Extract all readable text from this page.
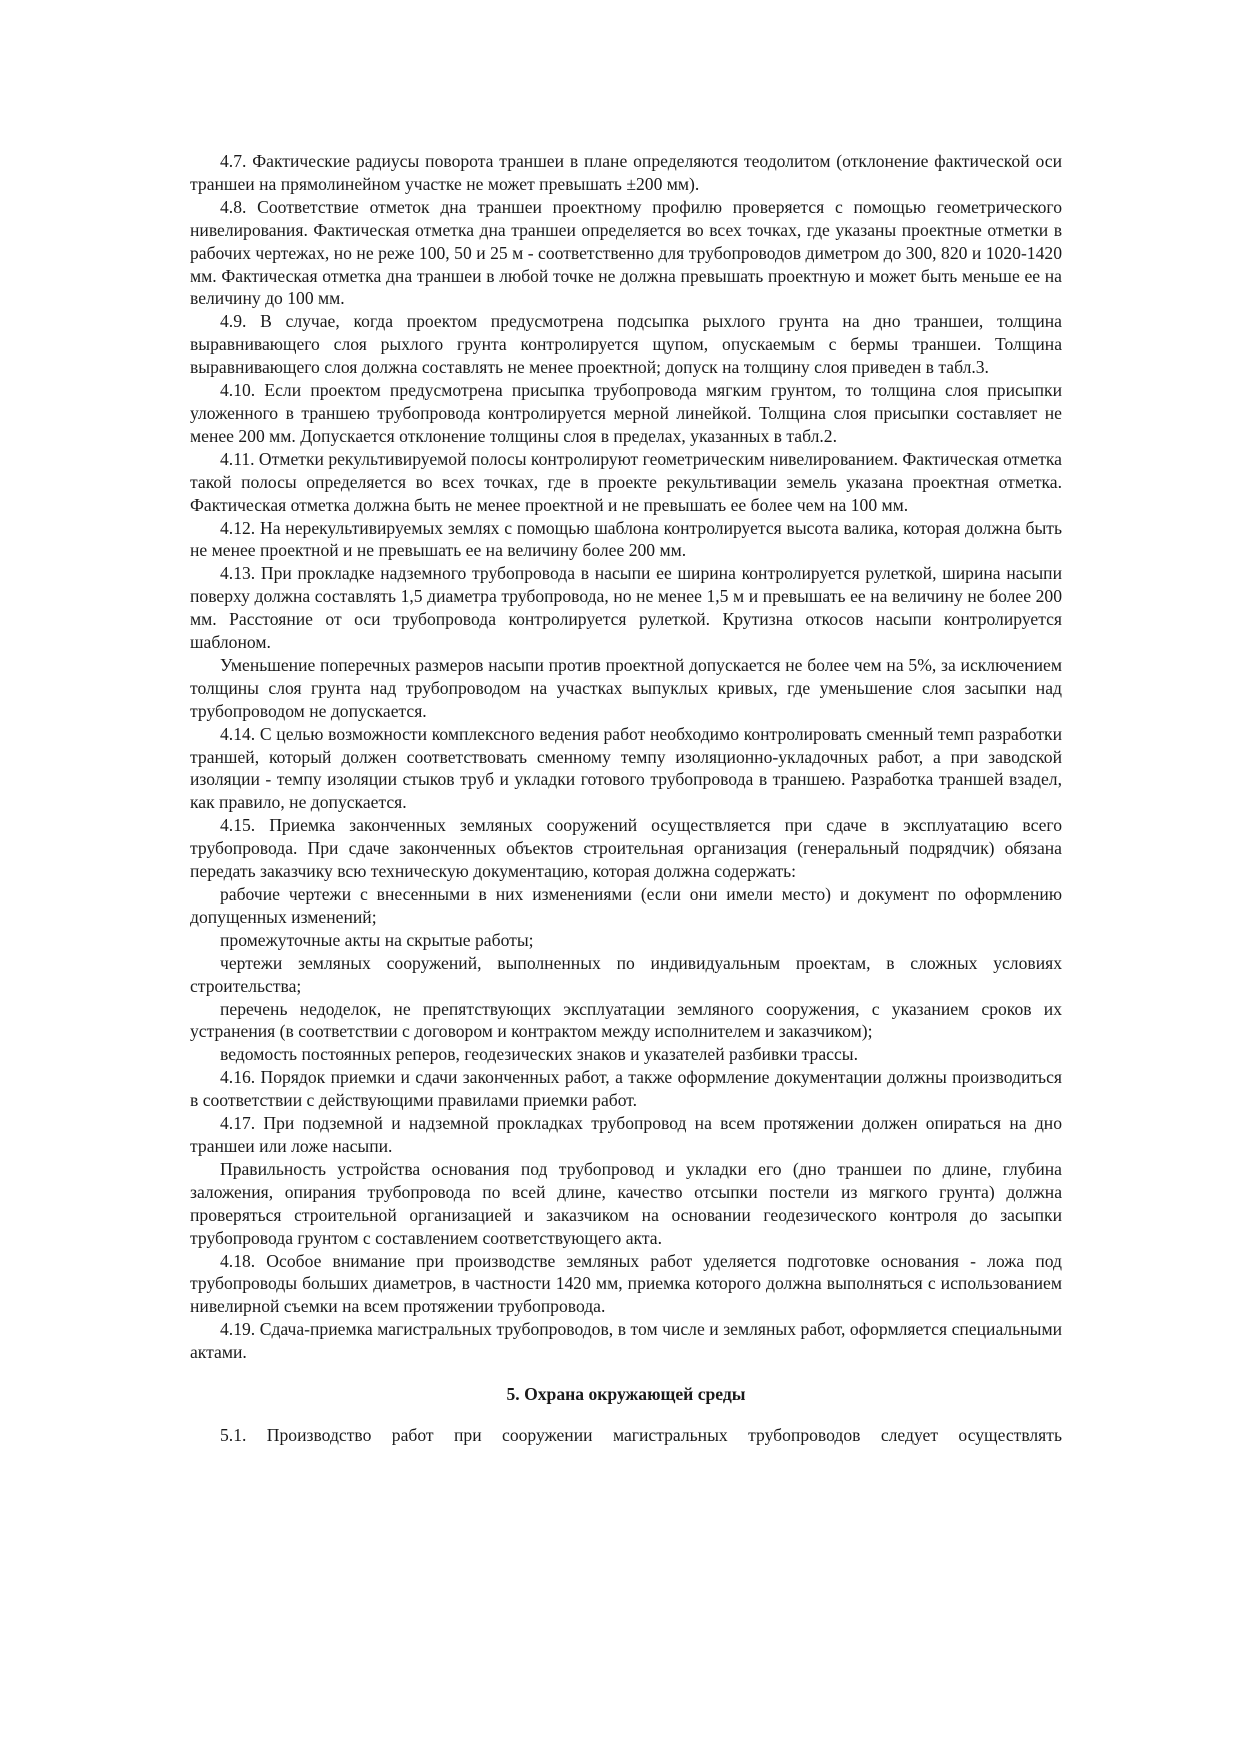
4.7. Фактические радиусы поворота траншеи в плане определяются теодолитом (отклонение фактической оси траншеи на прямолинейном участке не может превышать ±200 мм).

4.8. Соответствие отметок дна траншеи проектному профилю проверяется с помощью геометрического нивелирования. Фактическая отметка дна траншеи определяется во всех точках, где указаны проектные отметки в рабочих чертежах, но не реже 100, 50 и 25 м - соответственно для трубопроводов диметром до 300, 820 и 1020-1420 мм. Фактическая отметка дна траншеи в любой точке не должна превышать проектную и может быть меньше ее на величину до 100 мм.

4.9. В случае, когда проектом предусмотрена подсыпка рыхлого грунта на дно траншеи, толщина выравнивающего слоя рыхлого грунта контролируется щупом, опускаемым с бермы траншеи. Толщина выравнивающего слоя должна составлять не менее проектной; допуск на толщину слоя приведен в табл.3.

4.10. Если проектом предусмотрена присыпка трубопровода мягким грунтом, то толщина слоя присыпки уложенного в траншею трубопровода контролируется мерной линейкой. Толщина слоя присыпки составляет не менее 200 мм. Допускается отклонение толщины слоя в пределах, указанных в табл.2.

4.11. Отметки рекультивируемой полосы контролируют геометрическим нивелированием. Фактическая отметка такой полосы определяется во всех точках, где в проекте рекультивации земель указана проектная отметка. Фактическая отметка должна быть не менее проектной и не превышать ее более чем на 100 мм.

4.12. На нерекультивируемых землях с помощью шаблона контролируется высота валика, которая должна быть не менее проектной и не превышать ее на величину более 200 мм.

4.13. При прокладке надземного трубопровода в насыпи ее ширина контролируется рулеткой, ширина насыпи поверху должна составлять 1,5 диаметра трубопровода, но не менее 1,5 м и превышать ее на величину не более 200 мм. Расстояние от оси трубопровода контролируется рулеткой. Крутизна откосов насыпи контролируется шаблоном.

Уменьшение поперечных размеров насыпи против проектной допускается не более чем на 5%, за исключением толщины слоя грунта над трубопроводом на участках выпуклых кривых, где уменьшение слоя засыпки над трубопроводом не допускается.

4.14. С целью возможности комплексного ведения работ необходимо контролировать сменный темп разработки траншей, который должен соответствовать сменному темпу изоляционно-укладочных работ, а при заводской изоляции - темпу изоляции стыков труб и укладки готового трубопровода в траншею. Разработка траншей взадел, как правило, не допускается.

4.15. Приемка законченных земляных сооружений осуществляется при сдаче в эксплуатацию всего трубопровода. При сдаче законченных объектов строительная организация (генеральный подрядчик) обязана передать заказчику всю техническую документацию, которая должна содержать:

рабочие чертежи с внесенными в них изменениями (если они имели место) и документ по оформлению допущенных изменений;

промежуточные акты на скрытые работы;

чертежи земляных сооружений, выполненных по индивидуальным проектам, в сложных условиях строительства;

перечень недоделок, не препятствующих эксплуатации земляного сооружения, с указанием сроков их устранения (в соответствии с договором и контрактом между исполнителем и заказчиком);

ведомость постоянных реперов, геодезических знаков и указателей разбивки трассы.

4.16. Порядок приемки и сдачи законченных работ, а также оформление документации должны производиться в соответствии с действующими правилами приемки работ.

4.17. При подземной и надземной прокладках трубопровод на всем протяжении должен опираться на дно траншеи или ложе насыпи.

Правильность устройства основания под трубопровод и укладки его (дно траншеи по длине, глубина заложения, опирания трубопровода по всей длине, качество отсыпки постели из мягкого грунта) должна проверяться строительной организацией и заказчиком на основании геодезического контроля до засыпки трубопровода грунтом с составлением соответствующего акта.

4.18. Особое внимание при производстве земляных работ уделяется подготовке основания - ложа под трубопроводы больших диаметров, в частности 1420 мм, приемка которого должна выполняться с использованием нивелирной съемки на всем протяжении трубопровода.

4.19. Сдача-приемка магистральных трубопроводов, в том числе и земляных работ, оформляется специальными актами.

5. Охрана окружающей среды

5.1. Производство работ при сооружении магистральных трубопроводов следует осуществлять
